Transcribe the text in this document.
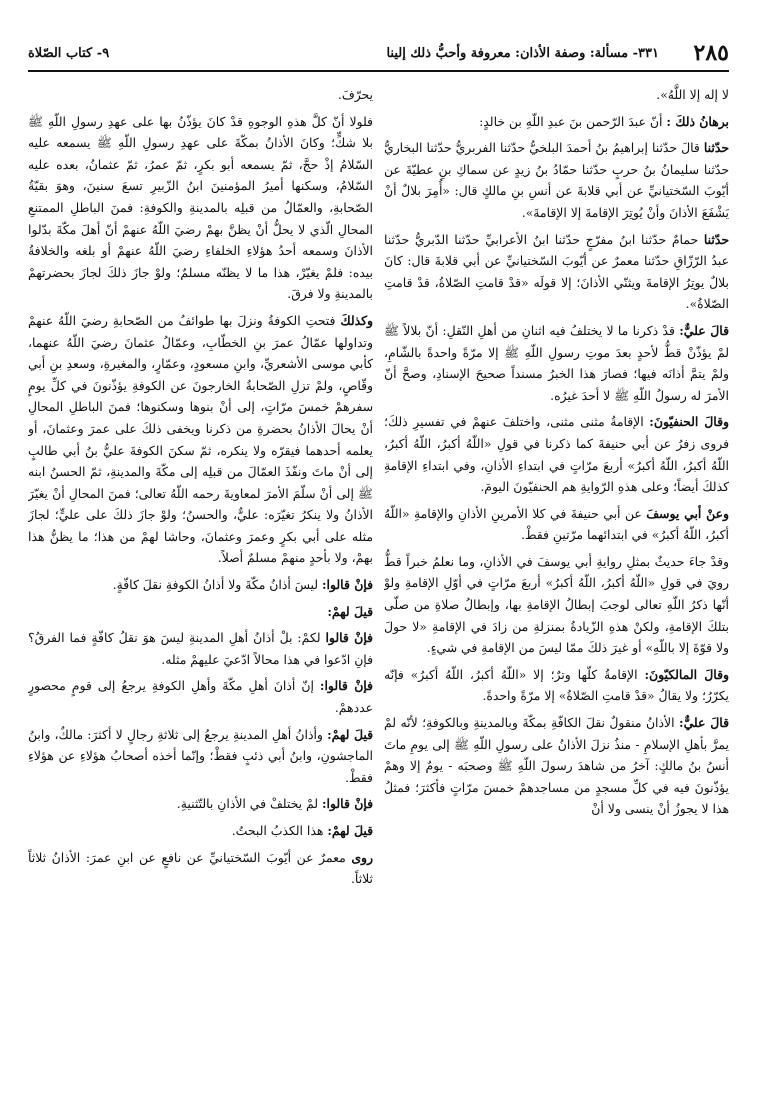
٢٨٥
٣٣١- مسألة: وصفة الأذان: معروفة وأحبُّ ذلك إلينا
٩- كتاب الصّلاة

لا إله إلا اللَّهُ».

برهانُ ذلكَ : أنّ عبدَ الرّحمن بنَ عبدِ اللّهِ بن خالدٍ:

حدّثنا قالَ حدّثنا إبراهيمُ بنُ أحمدَ البلخيُّ حدّثنا الفربريُّ حدّثنا البخاريُّ حدّثنا سليمانُ بنُ حربٍ حدّثنا حمّادُ بنُ زيدٍ عن سماكِ بنِ عطيّةَ عن أيّوبَ السّختيانيِّ عن أبي قلابةَ عن أنسِ بنِ مالكٍ قال: «أُمِرَ بلالٌ أنْ يَشْفَعَ الأذانَ وأنْ يُوتِرَ الإقامةَ إلا الإقامةَ».

حدّثنا حمامٌ حدّثنا ابنُ مفرّجٍ حدّثنا ابنُ الأعرابيِّ حدّثنا الدّبريُّ حدّثنا عبدُ الرّزّاقِ حدّثنا معمرٌ عن أيّوبَ السّختيانيِّ عن أبي قلابةَ قال: كانَ بلالٌ يوتِرُ الإقامةَ ويثنّي الأذانَ؛ إلا قولَه «قدْ قامتِ الصّلاةُ، قدْ قامتِ الصّلاةُ».

قالَ عليٌّ: قدْ ذكرنا ما لا يختلفُ فيه اثنانِ من أهلِ النّقلِ: أنّ بلالاً ﷺ لمْ يؤذّنْ قطُّ لأحدٍ بعدَ موتِ رسولِ اللّهِ ﷺ إلا مرّةً واحدةً بالشّامِ، ولمْ يتمَّ أذانَه فيها؛ فصارَ هذا الخبرُ مسنداً صحيحَ الإسنادِ، وصحَّ أنّ الأمرَ له رسولُ اللّهِ ﷺ لا أحدَ غيرُه.

وقالَ الحنفيّونَ: الإقامةُ مثنى مثنى، واختلفَ عنهمْ في تفسيرِ ذلكَ؛ فروى زفرُ عن أبي حنيفةَ كما ذكرنا في قولِ «اللّهُ أكبرُ، اللّهُ أكبرُ، اللّهُ أكبرُ، اللّهُ أكبرُ» أربعَ مرّاتٍ في ابتداءِ الأذانِ، وفي ابتداءِ الإقامةِ كذلكَ أيضاً؛ وعلى هذهِ الرّوايةِ هم الحنفيّونَ اليومَ.

وعنْ أبي يوسفَ عن أبي حنيفةَ في كلا الأمرينِ الأذانِ والإقامةِ «اللّهُ أكبرُ، اللّهُ أكبرُ» في ابتدائهما مرّتينِ فقطْ.

وقدْ جاءَ حديثٌ بمثلِ روايةِ أبي يوسفَ في الأذانِ، وما نعلمُ خبراً قطُّ رويَ في قولِ «اللّهُ أكبرُ، اللّهُ أكبرُ» أربعَ مرّاتٍ في أوّلِ الإقامةِ ولوْ أنّها ذكرُ اللّهِ تعالى لوجبَ إبطالُ الإقامةِ بها، وإبطالُ صلاةِ من صلّى بتلكَ الإقامةِ، ولكنْ هذهِ الزّيادةُ بمنزلةِ من زادَ في الإقامةِ «لا حولَ ولا قوّةَ إلا باللّهِ» أو غيرَ ذلكَ ممّا ليسَ من الإقامةِ في شيءٍ.

وقالَ المالكيّونَ: الإقامةُ كلّها وترٌ؛ إلا «اللّهُ أكبرُ، اللّهُ أكبرُ» فإنّه يكرّرُ؛ ولا يقالُ «قدْ قامتِ الصّلاةُ» إلا مرّةً واحدةً.

قالَ عليٌّ: الأذانُ منقولٌ نقلَ الكافّةِ بمكّةَ وبالمدينةِ وبالكوفةِ؛ لأنّه لمْ يمرَّ بأهلِ الإسلامِ - منذُ نزلَ الأذانُ على رسولِ اللّهِ ﷺ إلى يومِ ماتَ أنسُ بنُ مالكٍ: آخرُ من شاهدَ رسولَ اللّهِ ﷺ وصحبَه - يومٌ إلا وهمْ يؤذّنونَ فيه في كلِّ مسجدٍ من مساجدهمْ خمسَ مرّاتٍ فأكثرَ؛ فمثلُ هذا لا يجوزُ أنْ ينسى ولا أنْ

يحرّفَ.

فلولا أنّ كلَّ هذهِ الوجوهِ قدْ كانَ يؤذّنُ بها على عهدِ رسولِ اللّهِ ﷺ بلا شكٍّ؛ وكانَ الأذانُ بمكّةَ على عهدِ رسولِ اللّهِ ﷺ يسمعه عليه السّلامُ إذْ حجَّ، ثمّ يسمعه أبو بكرٍ، ثمّ عمرُ، ثمّ عثمانُ، بعده عليه السّلامُ، وسكنها أميرُ المؤمنينَ ابنُ الزّبيرِ تسعَ سنينَ، وهوَ بقيّةُ الصّحابةِ، والعمّالُ من قبلِه بالمدينةِ والكوفةِ: فمنَ الباطلِ الممتنعِ المحالِ الّذي لا يحلُّ أنْ يظنَّ بهمْ رضيَ اللّهُ عنهمْ أنّ أهلَ مكّةَ بدّلوا الأذانَ وسمعه أحدُ هؤلاءِ الخلفاءِ رضيَ اللّهُ عنهمْ أو بلغه والخلافةُ بيده: فلمْ يغيّرْ، هذا ما لا يظنّه مسلمٌ؛ ولوْ جازَ ذلكَ لجازَ بحضرتهمْ بالمدينةِ ولا فرقَ.

وكذلكَ فتحتِ الكوفةُ ونزلَ بها طوائفُ من الصّحابةِ رضيَ اللّهُ عنهمْ وتداولها عمّالُ عمرَ بنِ الخطّابِ، وعمّالُ عثمانَ رضيَ اللّهُ عنهما، كأبي موسى الأشعريِّ، وابنِ مسعودٍ، وعمّارٍ، والمغيرةِ، وسعدِ بنِ أبي وقّاصٍ، ولمْ تزلِ الصّحابةُ الخارجونَ عن الكوفةِ يؤذّنونَ في كلِّ يومٍ سفرهمْ خمسَ مرّاتٍ، إلى أنْ بنوها وسكنوها؛ فمنَ الباطلِ المحالِ أنْ يحالَ الأذانُ بحضرةِ من ذكرنا ويخفى ذلكَ على عمرَ وعثمانَ، أو يعلمه أحدهما فيقرّه ولا ينكره، ثمّ سكنَ الكوفةَ عليُّ بنُ أبي طالبٍ إلى أنْ ماتَ ونفّذَ العمّالَ من قبلِه إلى مكّةَ والمدينةِ، ثمّ الحسنُ ابنه ﷺ إلى أنْ سلّمَ الأمرَ لمعاويةَ رحمه اللّهُ تعالى؛ فمنَ المحالِ أنْ يغيّرَ الأذانُ ولا ينكرُ تغيّرَه: عليٌّ، والحسنُ؛ ولوْ جازَ ذلكَ على عليٍّ؛ لجازَ مثله على أبي بكرٍ وعمرَ وعثمانَ، وحاشا لهمْ من هذا؛ ما يظنُّ هذا بهمْ، ولا بأحدٍ منهمْ مسلمٌ أصلاً.

فإنْ قالوا: ليسَ أذانُ مكّةَ ولا أذانُ الكوفةِ نقلَ كافّةٍ.

قيلَ لهمْ:

فإنْ قالوا لكمْ: بلْ أذانُ أهلِ المدينةِ ليسَ هوَ نقلُ كافّةٍ فما الفرقُ؟ فإنِ ادّعوا في هذا محالاً ادّعيَ عليهمْ مثله.

فإنْ قالوا: إنّ أذانَ أهلِ مكّةَ وأهلِ الكوفةِ يرجعُ إلى قومٍ محصورٍ عددهمْ.

قيلَ لهمْ: وأذانُ أهلِ المدينةِ يرجعُ إلى ثلاثةِ رجالٍ لا أكثرَ: مالكٌ، وابنُ الماجشونِ، وابنُ أبي ذئبٍ فقطْ؛ وإنّما أخذه أصحابُ هؤلاءِ عن هؤلاءِ فقطْ.

فإنْ قالوا: لمْ يختلفْ في الأذانِ بالتّثنيةِ.

قيلَ لهمْ: هذا الكذبُ البحتُ.

روى معمرٌ عن أيّوبَ السّختيانيِّ عن نافعٍ عن ابنِ عمرَ: الأذانُ ثلاثاً ثلاثاً.
